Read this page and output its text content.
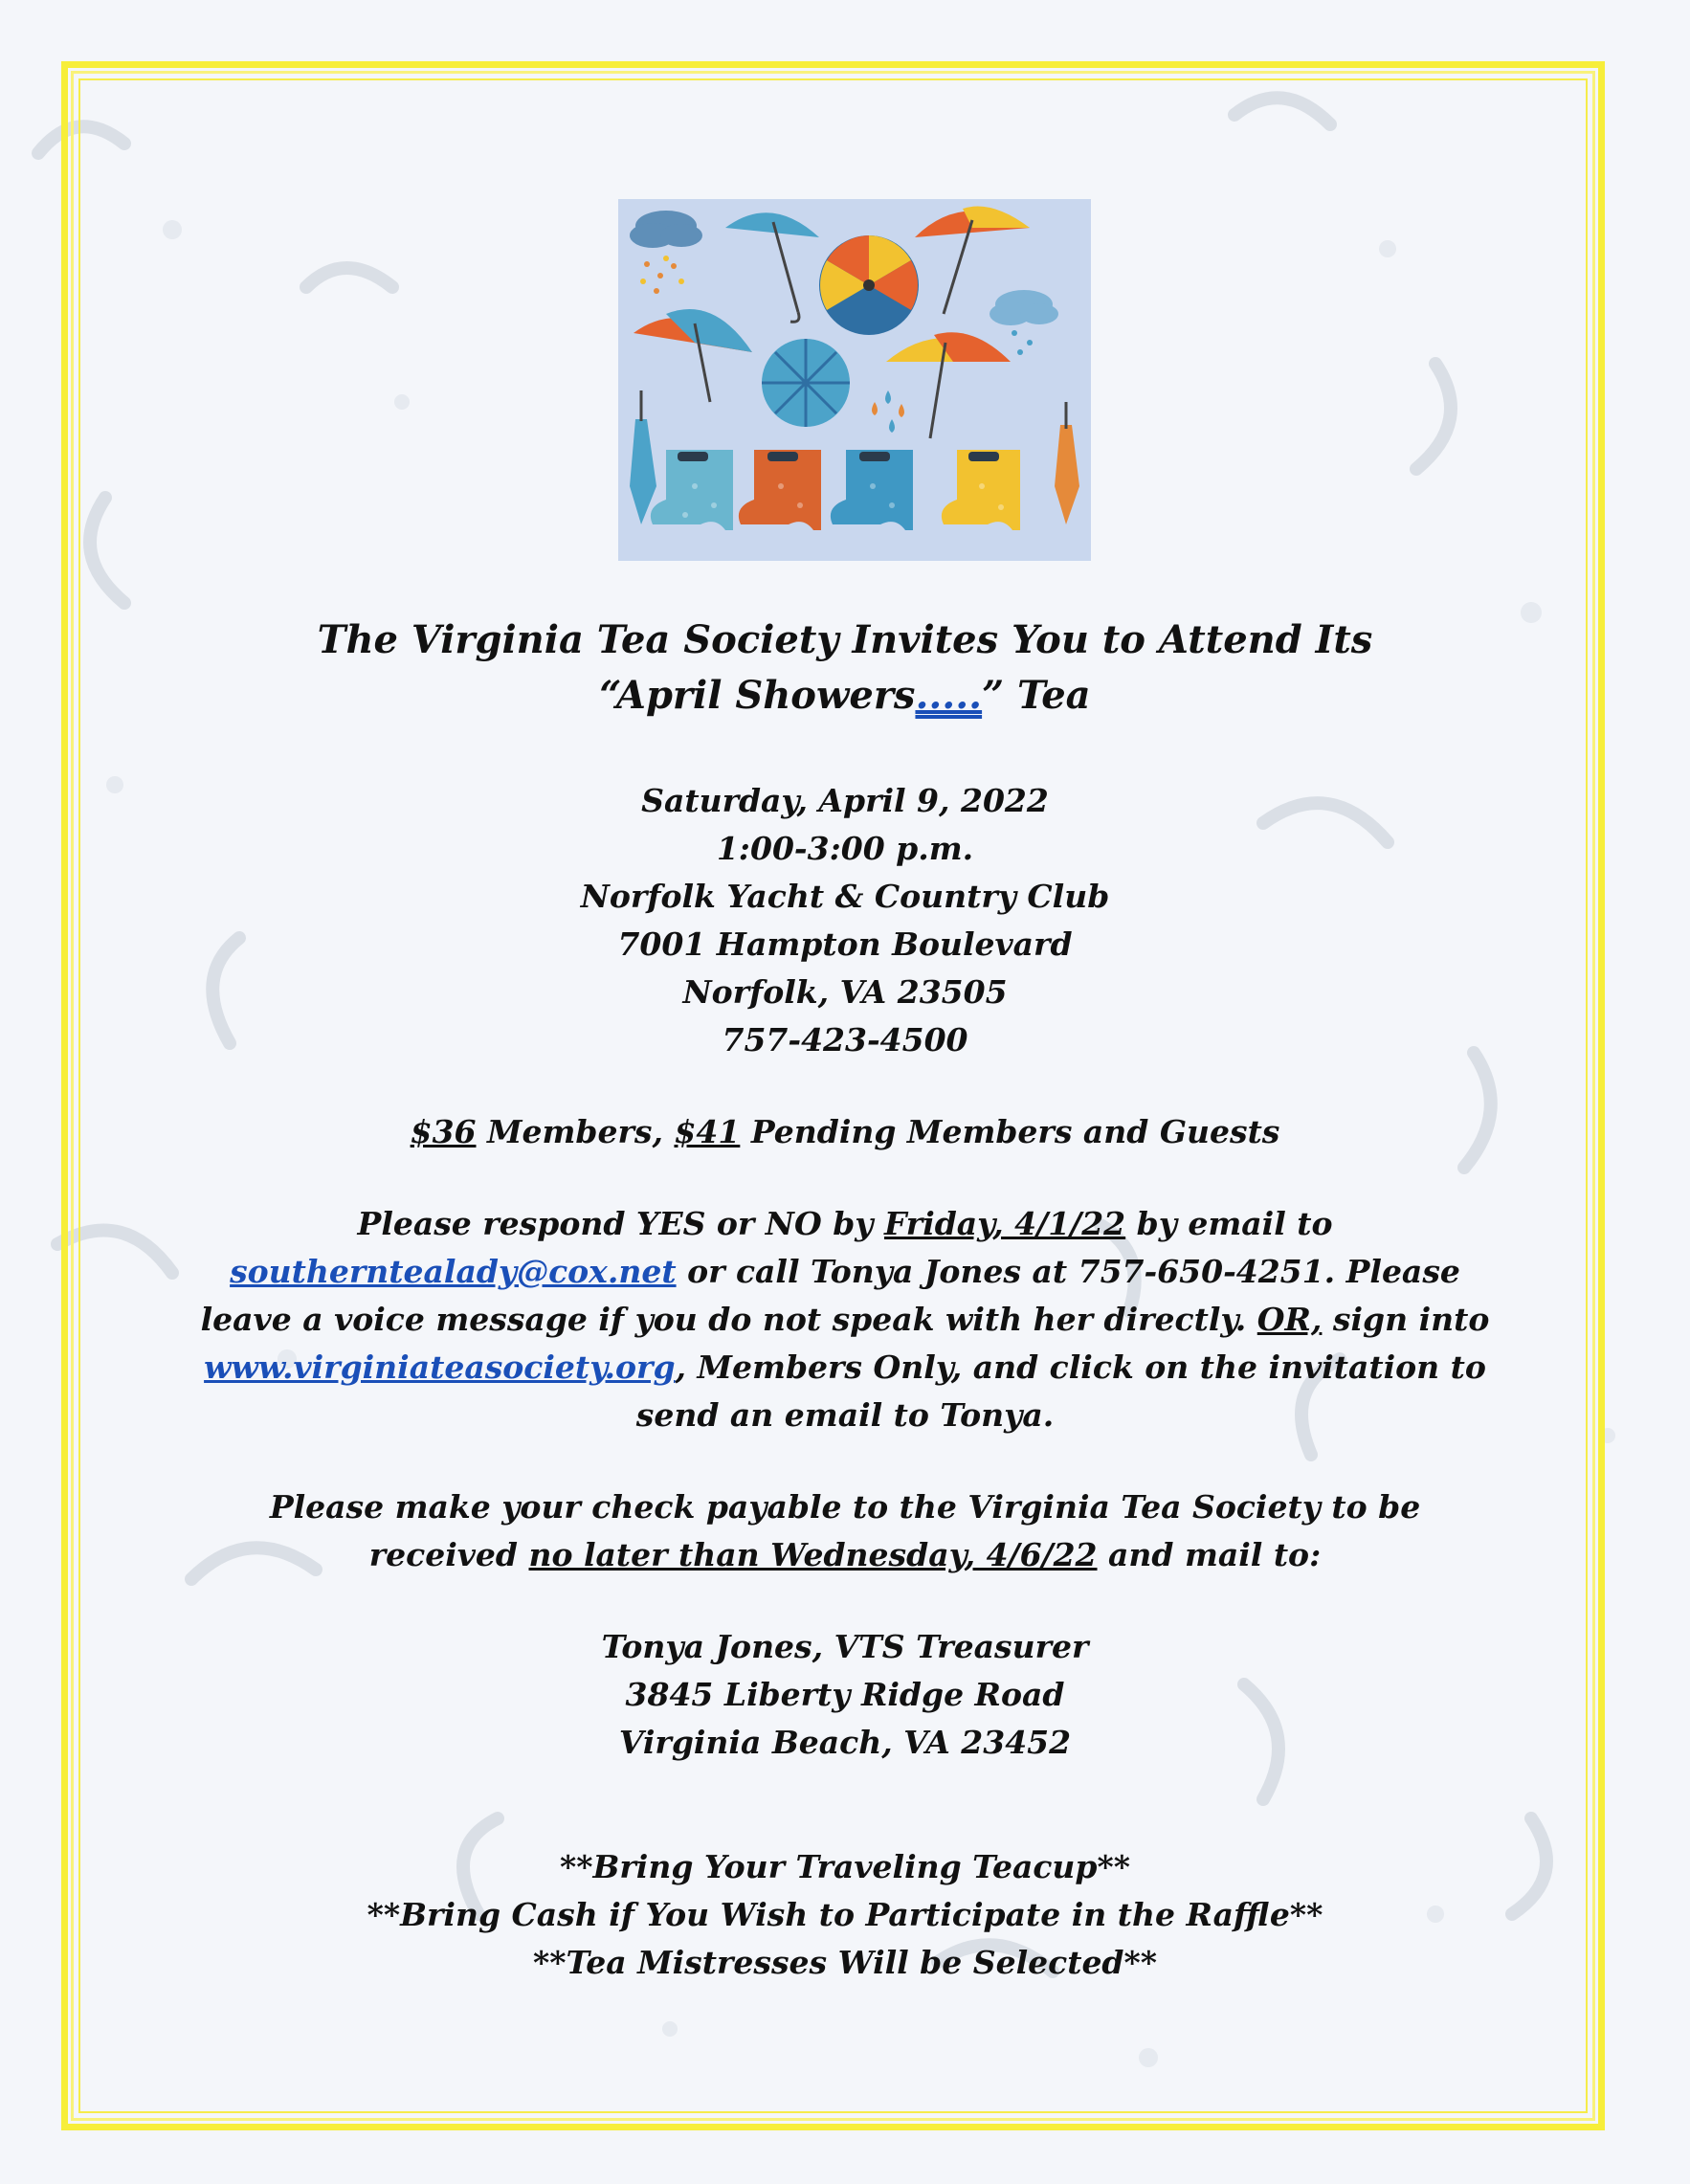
The Virginia Tea Society Invites You to Attend Its
“April Showers.....” Tea
Saturday, April 9, 2022
1:00-3:00 p.m.
Norfolk Yacht & Country Club
7001 Hampton Boulevard
Norfolk, VA 23505
757-423-4500
$36 Members, $41 Pending Members and Guests
Please respond YES or NO by Friday, 4/1/22 by email to
southerntealady@cox.net or call Tonya Jones at 757-650-4251. Please leave a voice message if you do not speak with her directly. OR, sign into www.virginiateasociety.org, Members Only, and click on the invitation to send an email to Tonya.
Please make your check payable to the Virginia Tea Society to be received no later than Wednesday, 4/6/22 and mail to:
Tonya Jones, VTS Treasurer
3845 Liberty Ridge Road
Virginia Beach, VA 23452
**Bring Your Traveling Teacup**
**Bring Cash if You Wish to Participate in the Raffle**
**Tea Mistresses Will be Selected**
